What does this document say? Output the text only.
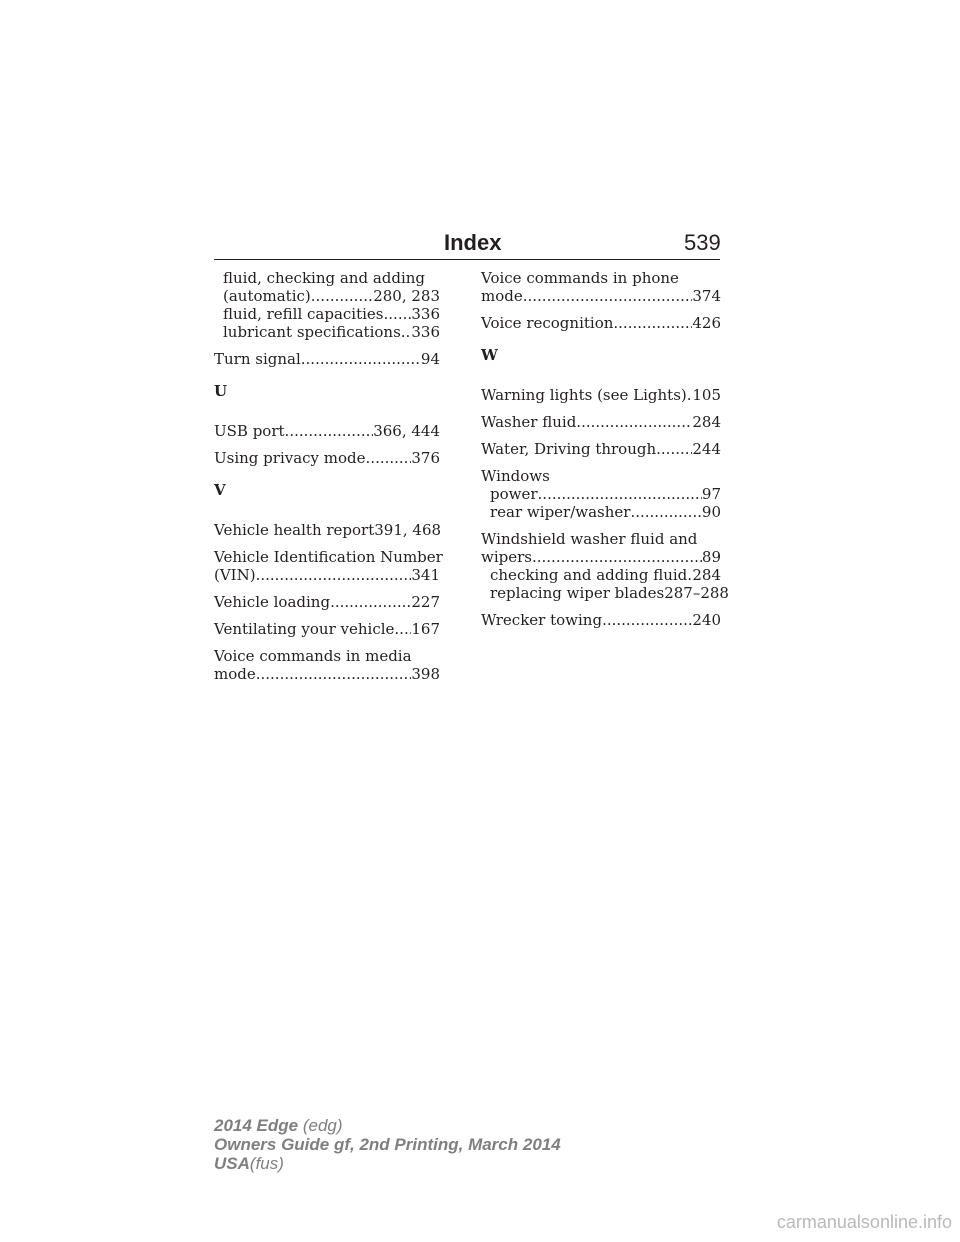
Index	539
fluid, checking and adding
(automatic) .....	280, 283
fluid, refill capacities ..... 336
lubricant specifications ..... 336
Turn signal .....	94
U
USB port .....	366, 444
Using privacy mode .....	376
V
Vehicle health report 391, 468
Vehicle Identification Number
(VIN) .....	341
Vehicle loading .....	227
Ventilating your vehicle ..... 167
Voice commands in media
mode .....	398
Voice commands in phone
mode .....	374
Voice recognition .....	426
W
Warning lights (see Lights) ..... 105
Washer fluid .....	284
Water, Driving through ..... 244
Windows
power .....	97
rear wiper/washer .....	90
Windshield washer fluid and
wipers .....	89
checking and adding fluid ..... 284
replacing wiper blades 287–288
Wrecker towing .....	240
2014 Edge (edg)
Owners Guide gf, 2nd Printing, March 2014
USA(fus)
carmanualsonline.info
